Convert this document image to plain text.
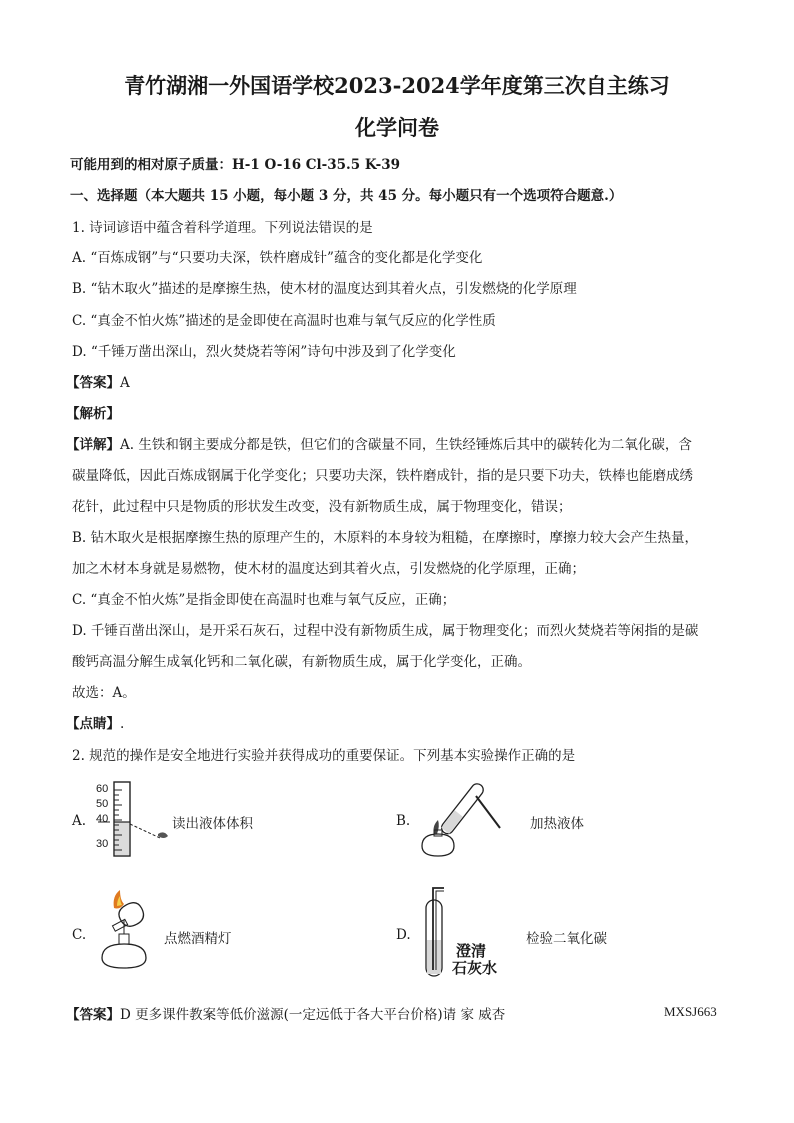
青竹湖湘一外国语学校2023-2024学年度第三次自主练习
化学问卷
可能用到的相对原子质量：H-1 O-16 Cl-35.5 K-39
一、选择题（本大题共 15 小题，每小题 3 分，共 45 分。每小题只有一个选项符合题意.）
1. 诗词谚语中蕴含着科学道理。下列说法错误的是
A. “百炼成钢”与“只要功夫深，铁杵磨成针”蕴含的变化都是化学变化
B. “钻木取火”描述的是摩擦生热，使木材的温度达到其着火点，引发燃烧的化学原理
C. “真金不怕火炼”描述的是金即使在高温时也难与氧气反应的化学性质
D. “千锤万凿出深山，烈火焚烧若等闲”诗句中涉及到了化学变化
【答案】A
【解析】
【详解】A. 生铁和钢主要成分都是铁，但它们的含碳量不同，生铁经锤炼后其中的碳转化为二氧化碳，含
碳量降低，因此百炼成钢属于化学变化；只要功夫深，铁杵磨成针，指的是只要下功夫，铁棒也能磨成绣
花针，此过程中只是物质的形状发生改变，没有新物质生成，属于物理变化，错误；
B. 钻木取火是根据摩擦生热的原理产生的，木原料的本身较为粗糙，在摩擦时，摩擦力较大会产生热量，
加之木材本身就是易燃物，使木材的温度达到其着火点，引发燃烧的化学原理，正确；
C. “真金不怕火炼”是指金即使在高温时也难与氧气反应，正确；
D. 千锤百凿出深山，是开采石灰石，过程中没有新物质生成，属于物理变化；而烈火焚烧若等闲指的是碳
酸钙高温分解生成氧化钙和二氧化碳，有新物质生成，属于化学变化，正确。
故选：A。
【点睛】.
2. 规范的操作是安全地进行实验并获得成功的重要保证。下列基本实验操作正确的是
A.
60
50
40
30
读出液体体积	B.	加热液体
C.	点燃酒精灯	D.
澄清
石灰水
检验二氧化碳
【答案】D 更多课件教案等低价滋源(一定远低于各大平台价格)请 家 威杏	MXSJ663
